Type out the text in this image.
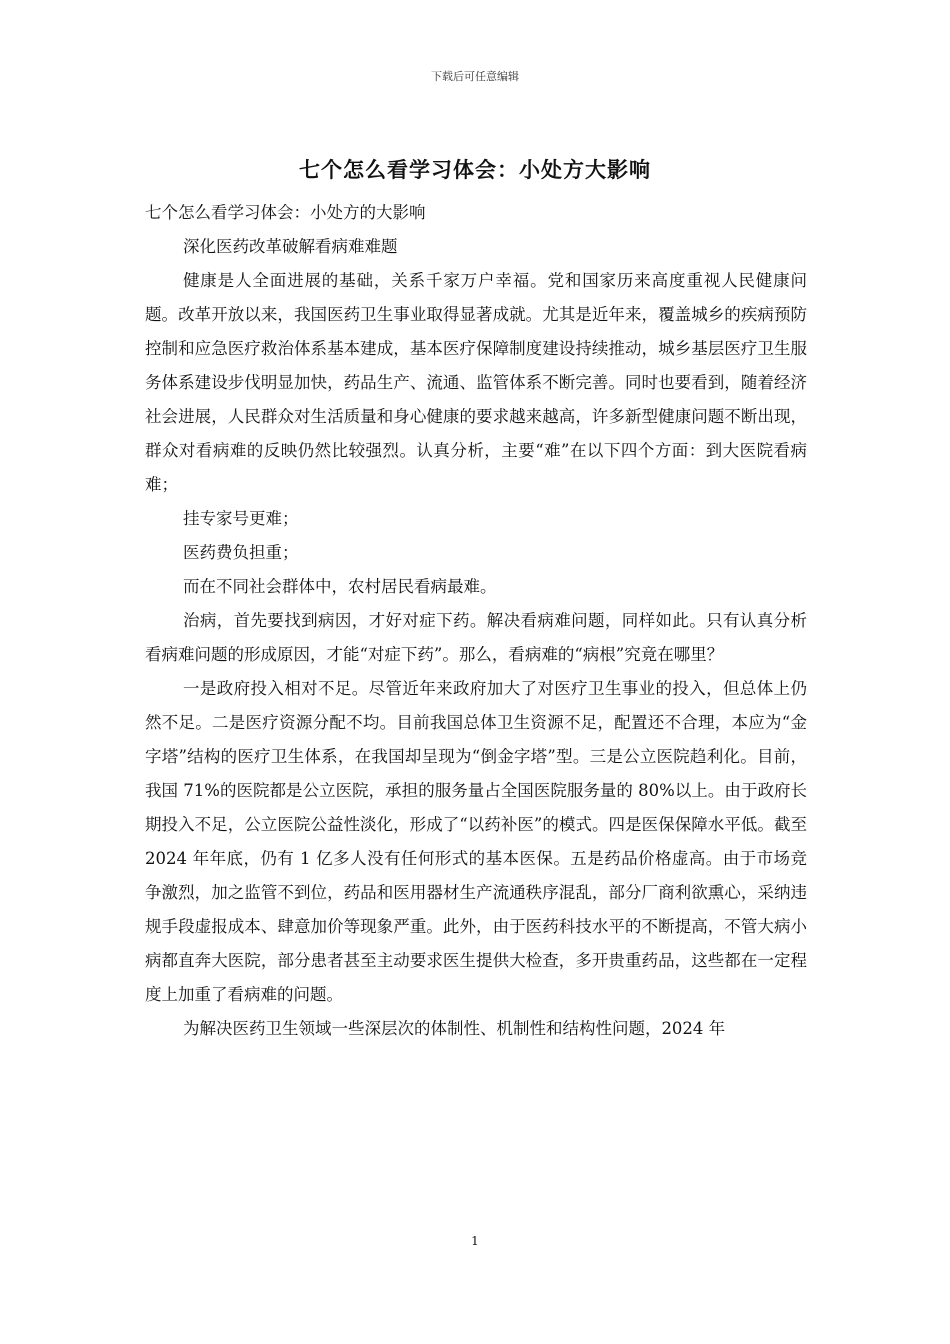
下载后可任意编辑
七个怎么看学习体会：小处方大影响

七个怎么看学习体会：小处方的大影响

深化医药改革破解看病难难题

健康是人全面进展的基础，关系千家万户幸福。党和国家历来高度重视人民健康问题。改革开放以来，我国医药卫生事业取得显著成就。尤其是近年来，覆盖城乡的疾病预防控制和应急医疗救治体系基本建成，基本医疗保障制度建设持续推动，城乡基层医疗卫生服务体系建设步伐明显加快，药品生产、流通、监管体系不断完善。同时也要看到，随着经济社会进展，人民群众对生活质量和身心健康的要求越来越高，许多新型健康问题不断出现，群众对看病难的反映仍然比较强烈。认真分析，主要“难”在以下四个方面：到大医院看病难；

挂专家号更难；

医药费负担重；

而在不同社会群体中，农村居民看病最难。

治病，首先要找到病因，才好对症下药。解决看病难问题，同样如此。只有认真分析看病难问题的形成原因，才能“对症下药”。那么，看病难的“病根”究竟在哪里？

一是政府投入相对不足。尽管近年来政府加大了对医疗卫生事业的投入，但总体上仍然不足。二是医疗资源分配不均。目前我国总体卫生资源不足，配置还不合理，本应为“金字塔”结构的医疗卫生体系，在我国却呈现为“倒金字塔”型。三是公立医院趋利化。目前，我国 71%的医院都是公立医院，承担的服务量占全国医院服务量的 80%以上。由于政府长期投入不足，公立医院公益性淡化，形成了“以药补医”的模式。四是医保保障水平低。截至 2024 年年底，仍有 1 亿多人没有任何形式的基本医保。五是药品价格虚高。由于市场竞争激烈，加之监管不到位，药品和医用器材生产流通秩序混乱，部分厂商利欲熏心，采纳违规手段虚报成本、肆意加价等现象严重。此外，由于医药科技水平的不断提高，不管大病小病都直奔大医院，部分患者甚至主动要求医生提供大检查，多开贵重药品，这些都在一定程度上加重了看病难的问题。

为解决医药卫生领域一些深层次的体制性、机制性和结构性问题，2024 年

1
